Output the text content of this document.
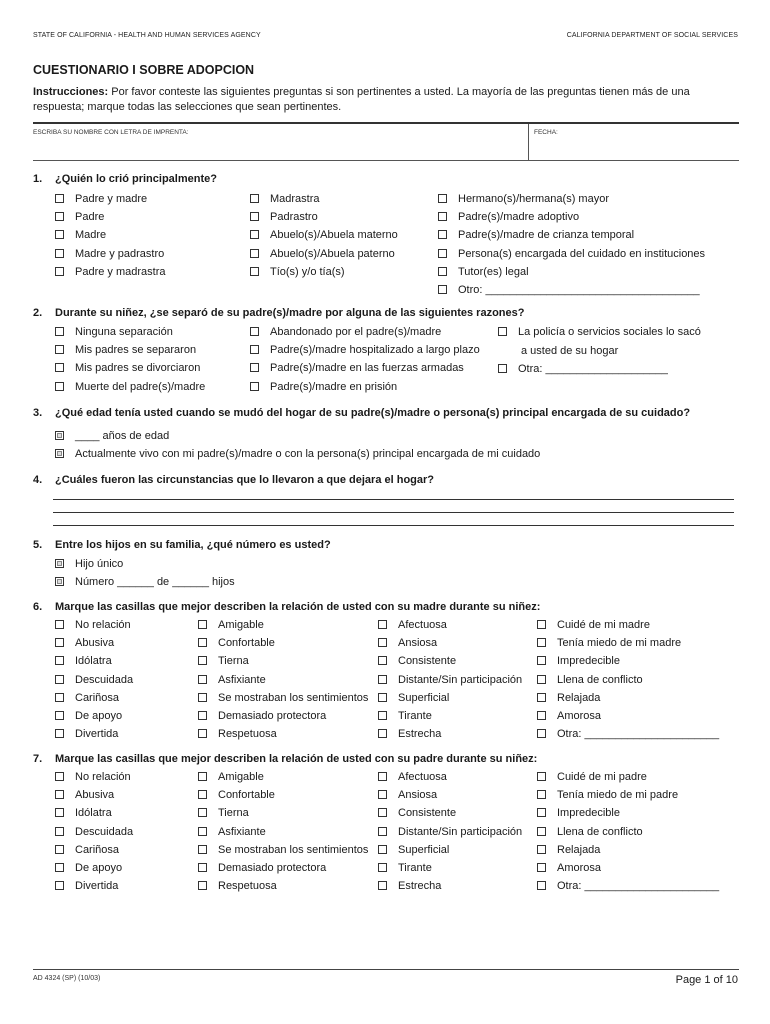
STATE OF CALIFORNIA - HEALTH AND HUMAN SERVICES AGENCY	CALIFORNIA DEPARTMENT OF SOCIAL SERVICES
CUESTIONARIO I SOBRE ADOPCION
Instrucciones: Por favor conteste las siguientes preguntas si son pertinentes a usted. La mayoría de las preguntas tienen más de una respuesta; marque todas las selecciones que sean pertinentes.
ESCRIBA SU NOMBRE CON LETRA DE IMPRENTA:	FECHA:
1. ¿Quién lo crió principalmente?
Padre y madre
Padre
Madre
Madre y padrastro
Padre y madrastra
Madrastra
Padrastro
Abuelo(s)/Abuela materno
Abuelo(s)/Abuela paterno
Tío(s) y/o tía(s)
Hermano(s)/hermana(s) mayor
Padre(s)/madre adoptivo
Padre(s)/madre de crianza temporal
Persona(s) encargada del cuidado en instituciones
Tutor(es) legal
Otro: ___________________________________
2. Durante su niñez, ¿se separó de su padre(s)/madre por alguna de las siguientes razones?
Ninguna separación
Mis padres se separaron
Mis padres se divorciaron
Muerte del padre(s)/madre
Abandonado por el padre(s)/madre
Padre(s)/madre hospitalizado a largo plazo
Padre(s)/madre en las fuerzas armadas
Padre(s)/madre en prisión
La policía o servicios sociales lo sacó
a usted de su hogar
Otra: ____________________
3. ¿Qué edad tenía usted cuando se mudó del hogar de su padre(s)/madre o persona(s) principal encargada de su cuidado?
____ años de edad
Actualmente vivo con mi padre(s)/madre o con la persona(s) principal encargada de mi cuidado
4. ¿Cuáles fueron las circunstancias que lo llevaron a que dejara el hogar?
5. Entre los hijos en su familia, ¿qué número es usted?
Hijo único
Número ______ de ______ hijos
6. Marque las casillas que mejor describen la relación de usted con su madre durante su niñez:
No relación
Abusiva
Idólatra
Descuidada
Cariñosa
De apoyo
Divertida
Amigable
Confortable
Tierna
Asfixiante
Se mostraban los sentimientos
Demasiado protectora
Respetuosa
Afectuosa
Ansiosa
Consistente
Distante/Sin participación
Superficial
Tirante
Estrecha
Cuidé de mi madre
Tenía miedo de mi madre
Impredecible
Llena de conflicto
Relajada
Amorosa
Otra: ______________________
7. Marque las casillas que mejor describen la relación de usted con su padre durante su niñez:
No relación
Abusiva
Idólatra
Descuidada
Cariñosa
De apoyo
Divertida
Amigable
Confortable
Tierna
Asfixiante
Se mostraban los sentimientos
Demasiado protectora
Respetuosa
Afectuosa
Ansiosa
Consistente
Distante/Sin participación
Superficial
Tirante
Estrecha
Cuidé de mi padre
Tenía miedo de mi padre
Impredecible
Llena de conflicto
Relajada
Amorosa
Otra: ______________________
AD 4324 (SP) (10/03)	Page 1 of 10
